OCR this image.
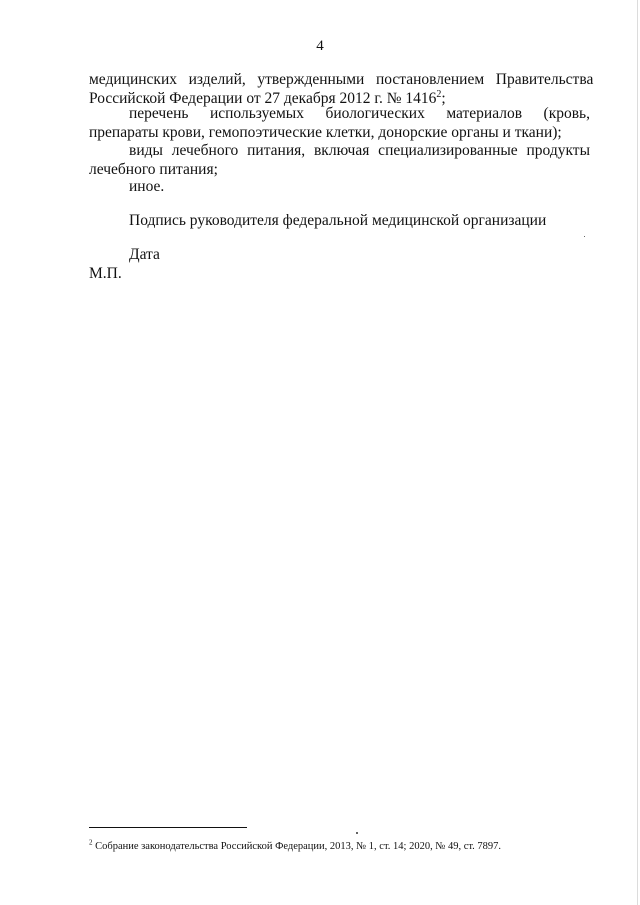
4

медицинских   изделий,   утвержденными   постановлением   Правительства

Российской Федерации от 27 декабря 2012 г. № 1416$^2$;

перечень используемых биологических материалов (кровь, препараты крови, гемопоэтические клетки, донорские органы и ткани);

виды лечебного питания, включая специализированные продукты лечебного питания;

иное.

Подпись руководителя федеральной медицинской организации

Дата

М.П.

$^2$ Собрание законодательства Российской Федерации, 2013, № 1, ст. 14; 2020, № 49, ст. 7897.
